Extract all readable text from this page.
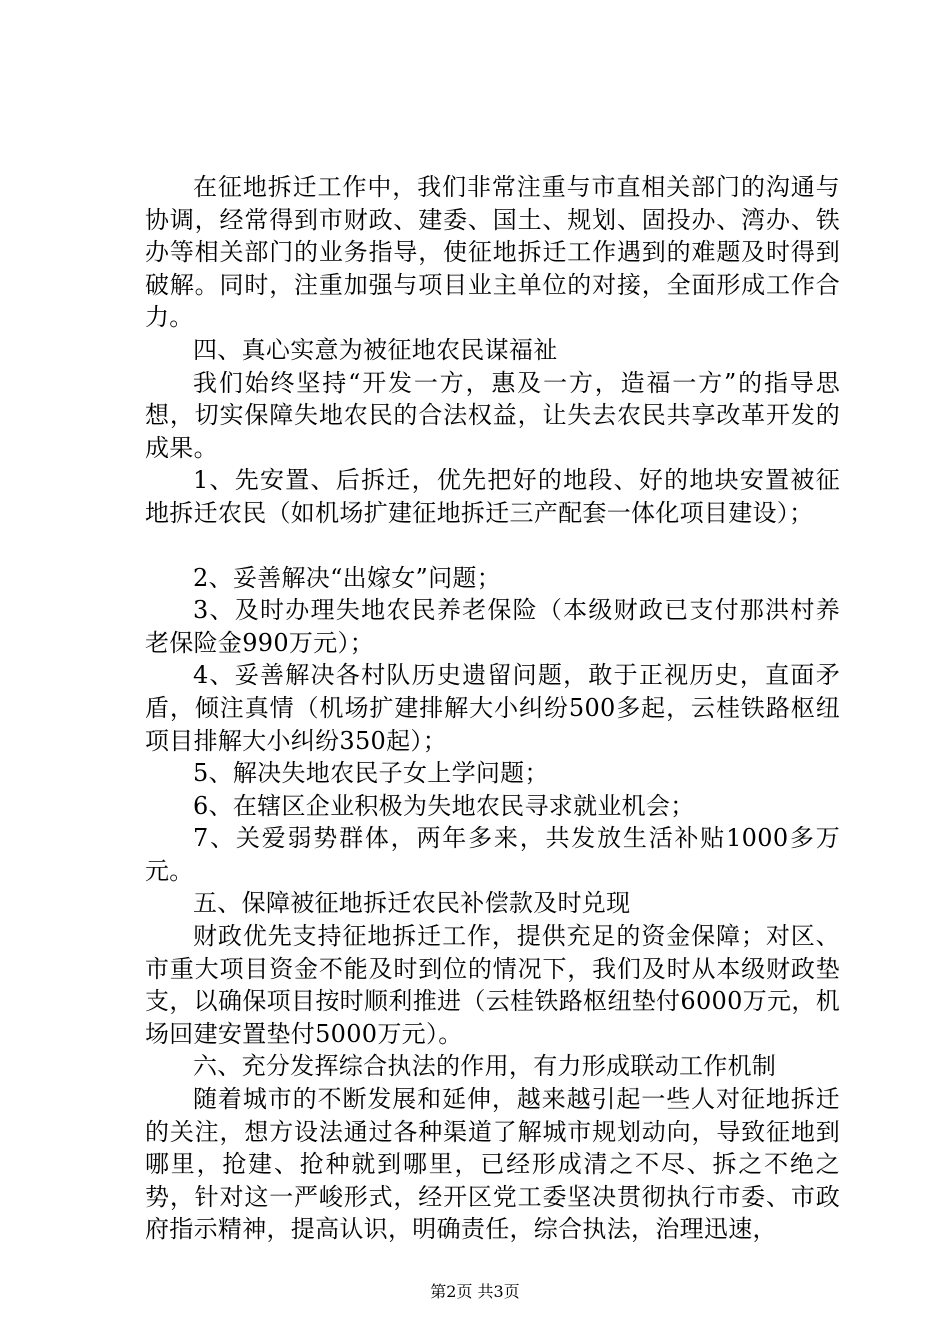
在征地拆迁工作中，我们非常注重与市直相关部门的沟通与协调，经常得到市财政、建委、国土、规划、固投办、湾办、铁办等相关部门的业务指导，使征地拆迁工作遇到的难题及时得到破解。同时，注重加强与项目业主单位的对接，全面形成工作合力。

四、真心实意为被征地农民谋福祉

我们始终坚持“开发一方，惠及一方，造福一方”的指导思想，切实保障失地农民的合法权益，让失去农民共享改革开发的成果。

1、先安置、后拆迁，优先把好的地段、好的地块安置被征地拆迁农民（如机场扩建征地拆迁三产配套一体化项目建设）；

2、妥善解决“出嫁女”问题；

3、及时办理失地农民养老保险（本级财政已支付那洪村养老保险金990万元）；

4、妥善解决各村队历史遗留问题，敢于正视历史，直面矛盾，倾注真情（机场扩建排解大小纠纷500多起，云桂铁路枢纽项目排解大小纠纷350起）；

5、解决失地农民子女上学问题；

6、在辖区企业积极为失地农民寻求就业机会；

7、关爱弱势群体，两年多来，共发放生活补贴1000多万元。

五、保障被征地拆迁农民补偿款及时兑现

财政优先支持征地拆迁工作，提供充足的资金保障；对区、市重大项目资金不能及时到位的情况下，我们及时从本级财政垫支，以确保项目按时顺利推进（云桂铁路枢纽垫付6000万元，机场回建安置垫付5000万元）。

六、充分发挥综合执法的作用，有力形成联动工作机制

随着城市的不断发展和延伸，越来越引起一些人对征地拆迁的关注，想方设法通过各种渠道了解城市规划动向，导致征地到哪里，抢建、抢种就到哪里，已经形成清之不尽、拆之不绝之势，针对这一严峻形式，经开区党工委坚决贯彻执行市委、市政府指示精神，提高认识，明确责任，综合执法，治理迅速，

第2页 共3页
